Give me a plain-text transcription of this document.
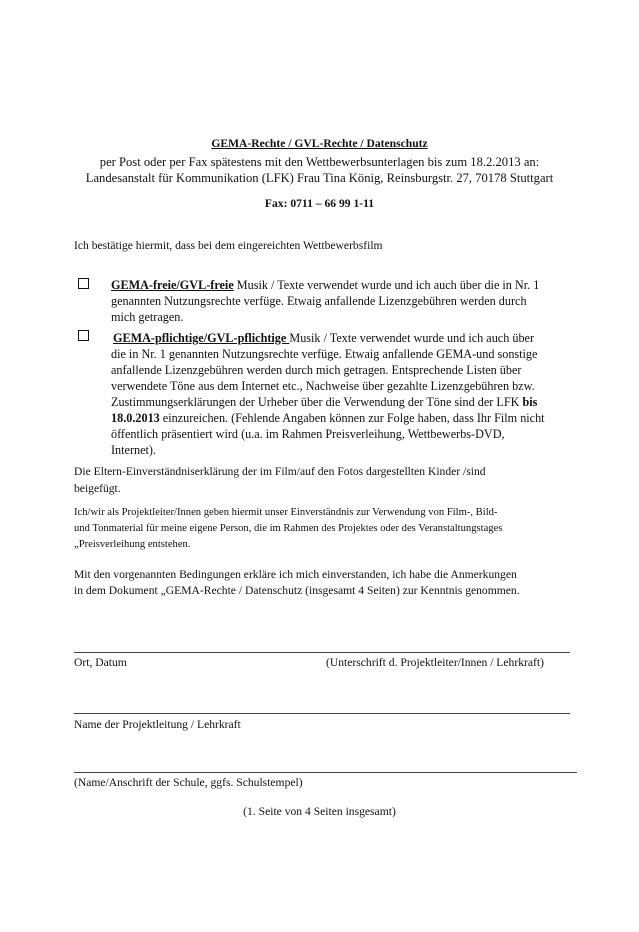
GEMA-Rechte / GVL-Rechte / Datenschutz
per Post oder per Fax spätestens mit den Wettbewerbsunterlagen bis zum 18.2.2013 an:
Landesanstalt für Kommunikation (LFK) Frau Tina König, Reinsburgstr. 27, 70178 Stuttgart
Fax: 0711 – 66 99 1-11
Ich bestätige hiermit, dass bei dem eingereichten Wettbewerbsfilm
GEMA-freie/GVL-freie Musik / Texte verwendet wurde und ich auch über die in Nr. 1
genannten Nutzungsrechte verfüge. Etwaig anfallende Lizenzgebühren werden durch
mich getragen.
GEMA-pflichtige/GVL-pflichtige Musik / Texte verwendet wurde und ich auch über
die in Nr. 1 genannten Nutzungsrechte verfüge. Etwaig anfallende GEMA-und sonstige
anfallende Lizenzgebühren werden durch mich getragen. Entsprechende Listen über
verwendete Töne aus dem Internet etc., Nachweise über gezahlte Lizenzgebühren bzw.
Zustimmungserklärungen der Urheber über die Verwendung der Töne sind der LFK bis
18.0.2013 einzureichen. (Fehlende Angaben können zur Folge haben, dass Ihr Film nicht
öffentlich präsentiert wird (u.a. im Rahmen Preisverleihung, Wettbewerbs-DVD,
Internet).
Die Eltern-Einverständniserklärung der im Film/auf den Fotos dargestellten Kinder /sind
beigefügt.
Ich/wir als Projektleiter/Innen geben hiermit unser Einverständnis zur Verwendung von Film-, Bild-
und Tonmaterial für meine eigene Person, die im Rahmen des Projektes oder des Veranstaltungstages
„Preisverleihung entstehen.
Mit den vorgenannten Bedingungen erkläre ich mich einverstanden, ich habe die Anmerkungen
in dem Dokument „GEMA-Rechte / Datenschutz (insgesamt 4 Seiten) zur Kenntnis genommen.
Ort, Datum	(Unterschrift d. Projektleiter/Innen / Lehrkraft)
Name der Projektleitung / Lehrkraft
(Name/Anschrift der Schule, ggfs. Schulstempel)
(1. Seite von 4 Seiten insgesamt)
